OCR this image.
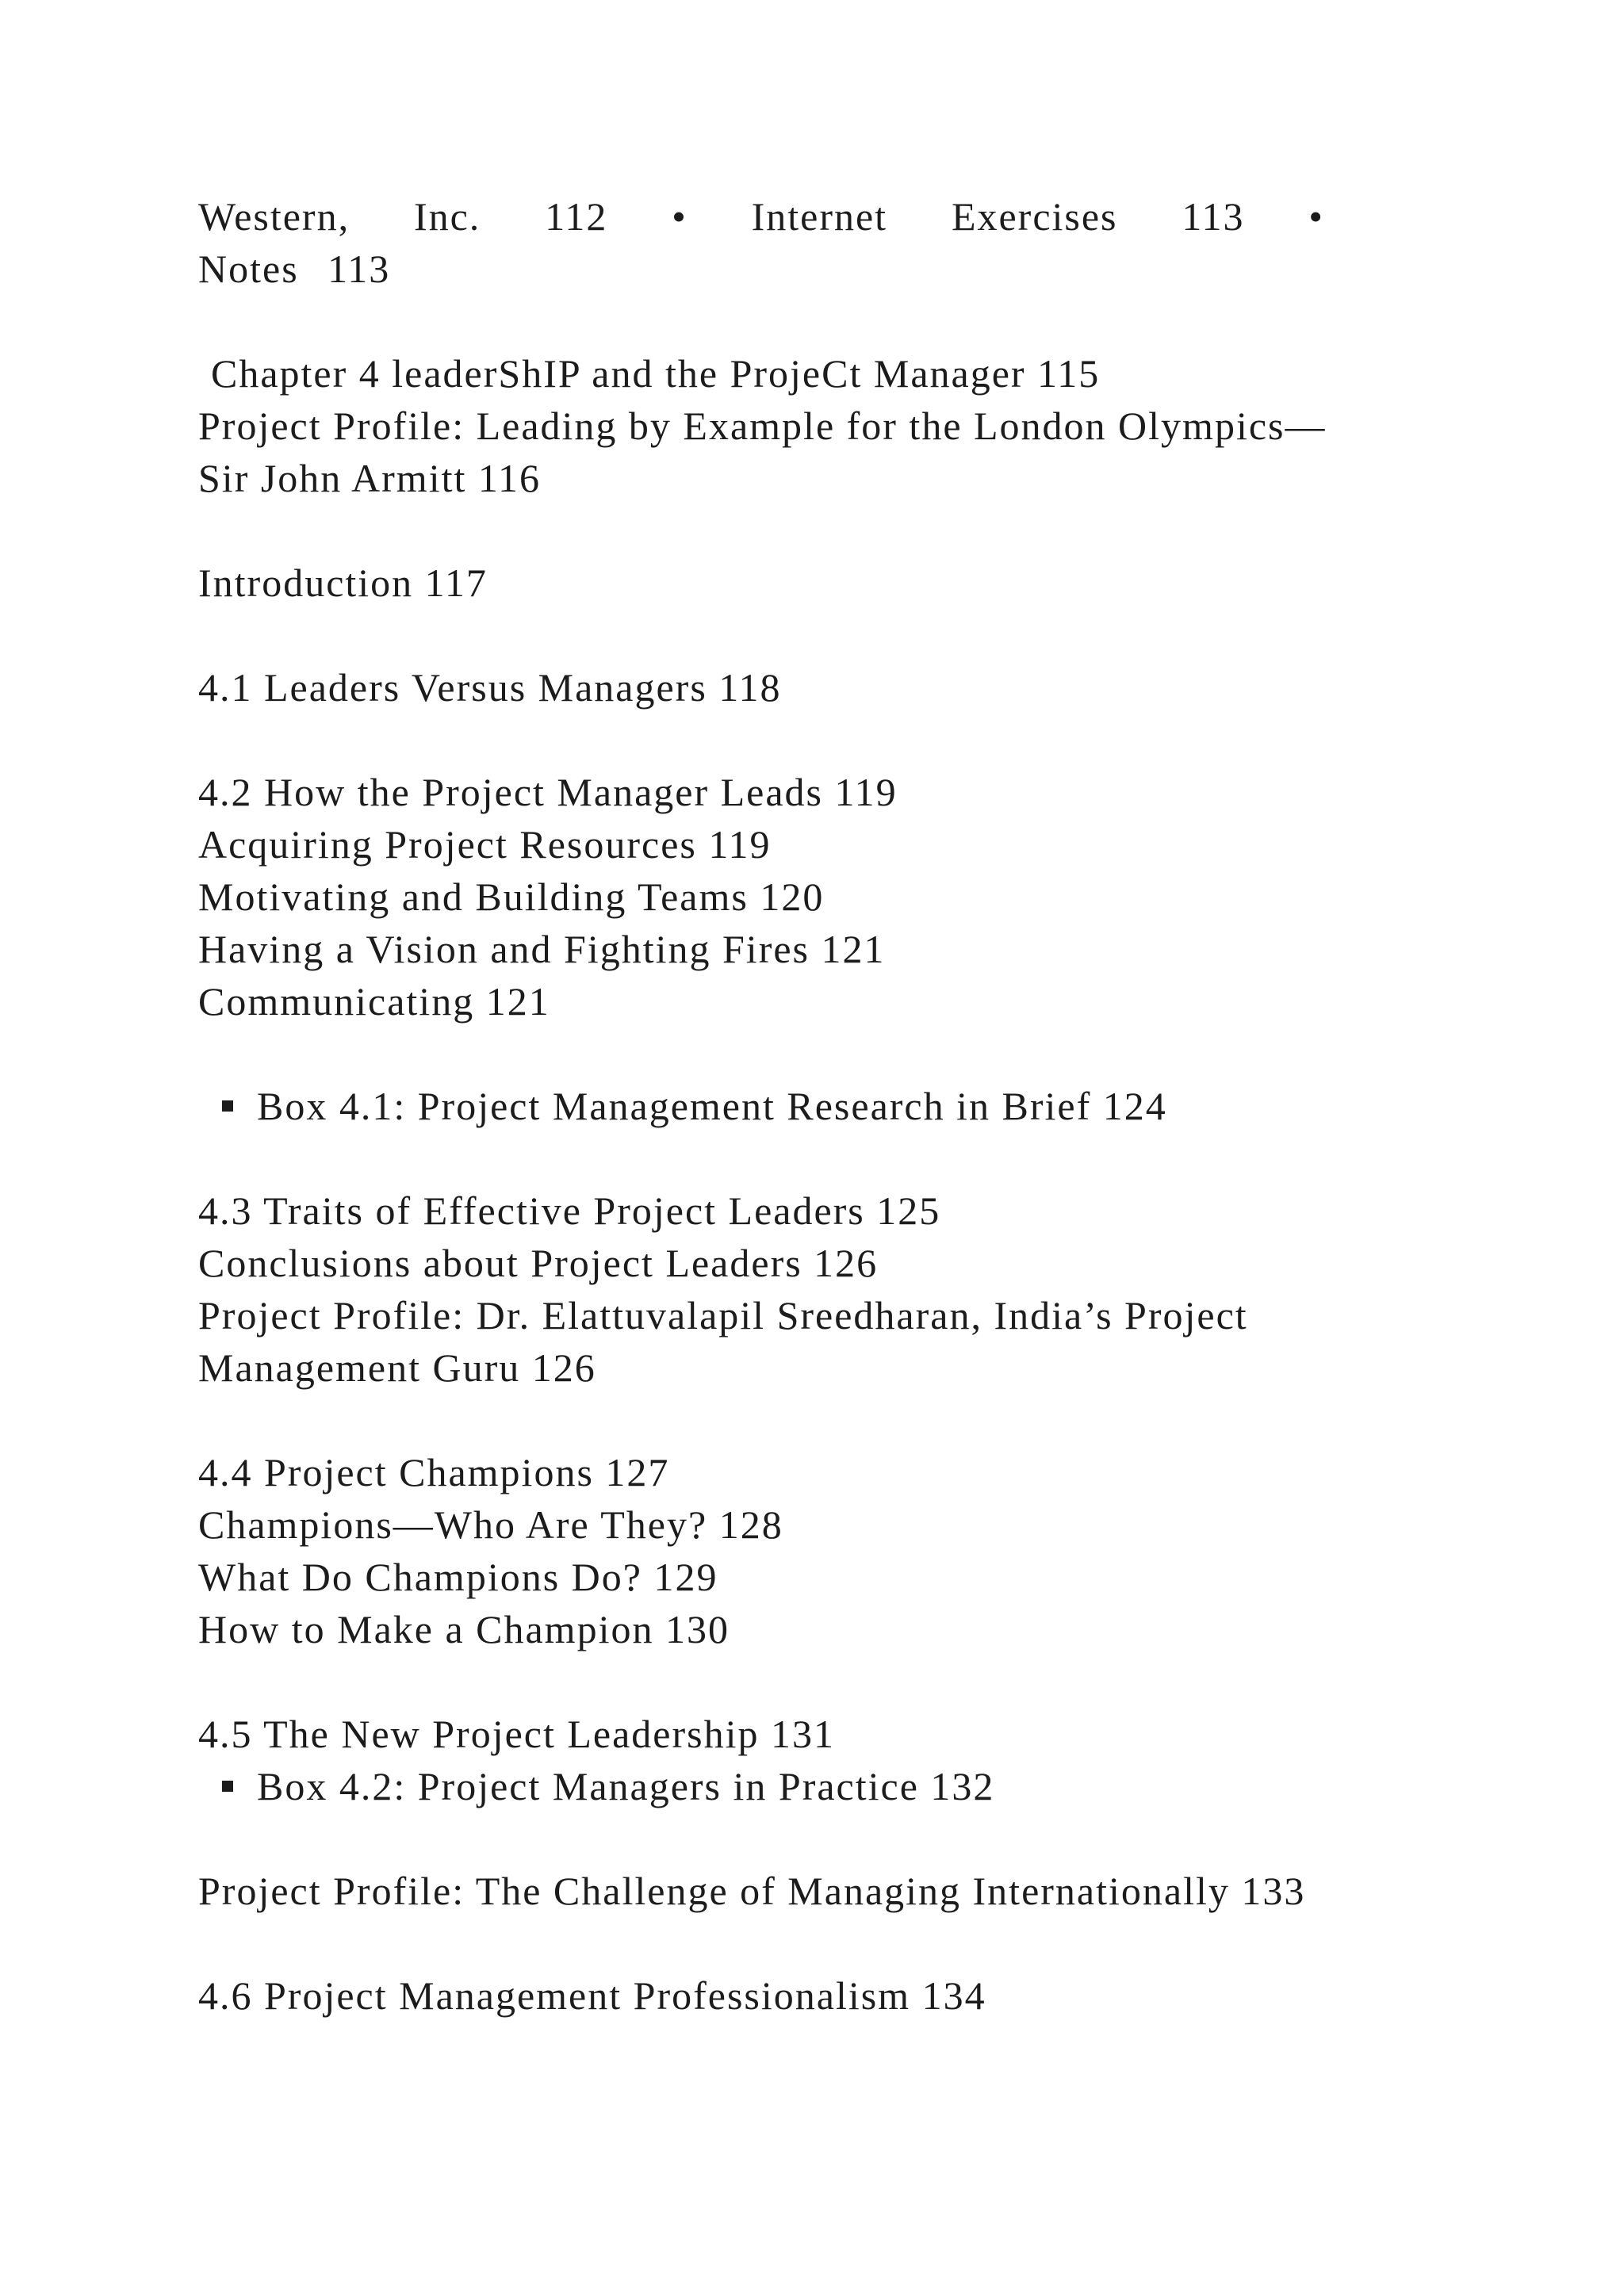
Western, Inc. 112 • Internet Exercises 113 •
Notes 113
Chapter 4 leaderShIP and the ProjeCt Manager 115
Project Profile: Leading by Example for the London Olympics—
Sir John Armitt 116
Introduction 117
4.1 Leaders Versus Managers 118
4.2 How the Project Manager Leads 119
Acquiring Project Resources 119
Motivating and Building Teams 120
Having a Vision and Fighting Fires 121
Communicating 121
Box 4.1: Project Management Research in Brief 124
4.3 Traits of Effective Project Leaders 125
Conclusions about Project Leaders 126
Project Profile: Dr. Elattuvalapil Sreedharan, India’s Project
Management Guru 126
4.4 Project Champions 127
Champions—Who Are They? 128
What Do Champions Do? 129
How to Make a Champion 130
4.5 The New Project Leadership 131
Box 4.2: Project Managers in Practice 132
Project Profile: The Challenge of Managing Internationally 133
4.6 Project Management Professionalism 134
